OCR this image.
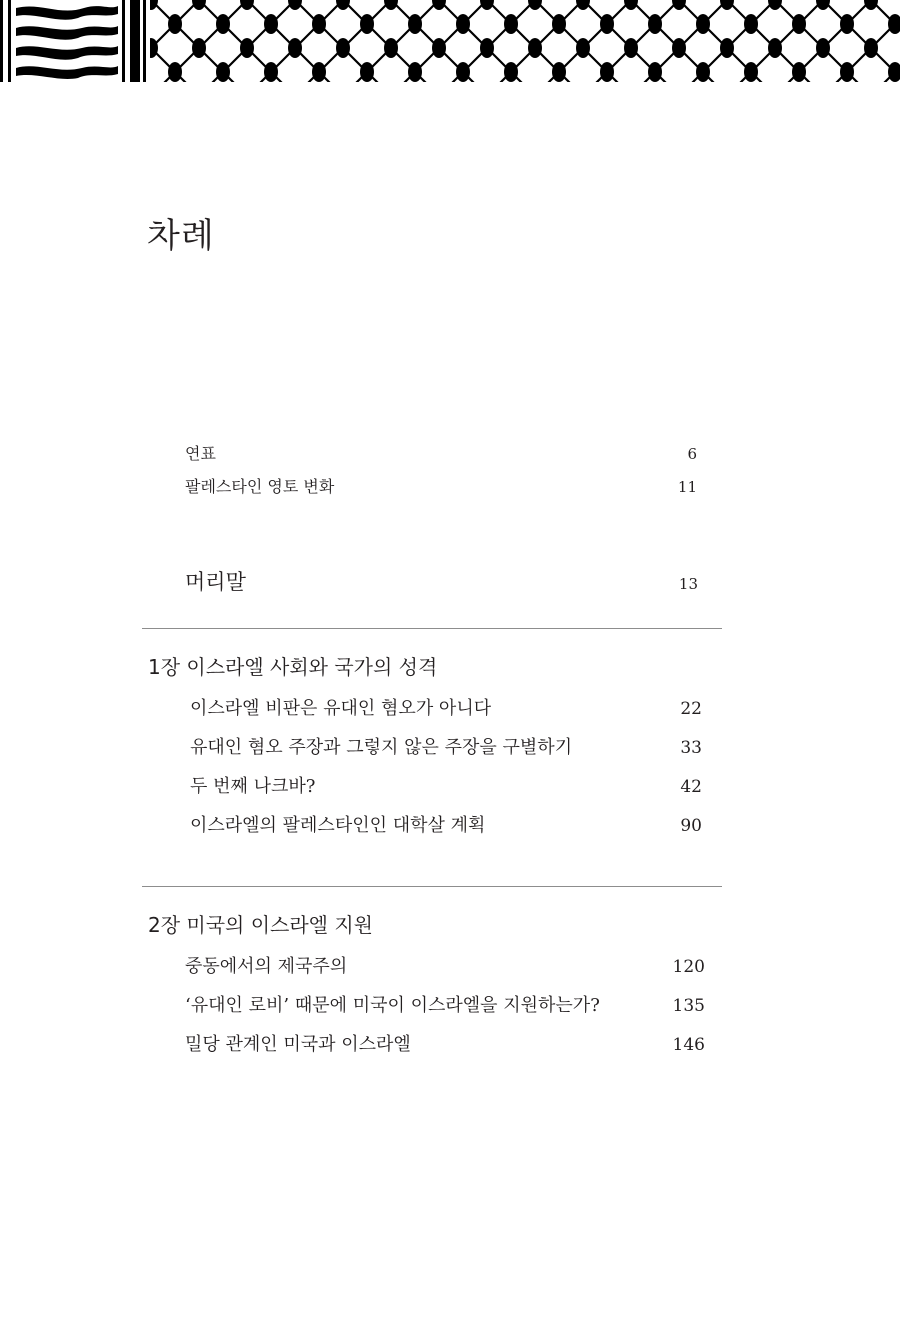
차례
연표	6
팔레스타인 영토 변화	11
머리말	13
1장 이스라엘 사회와 국가의 성격
이스라엘 비판은 유대인 혐오가 아니다	22
유대인 혐오 주장과 그렇지 않은 주장을 구별하기	33
두 번째 나크바?	42
이스라엘의 팔레스타인인 대학살 계획	90
2장 미국의 이스라엘 지원
중동에서의 제국주의	120
‘유대인 로비’ 때문에 미국이 이스라엘을 지원하는가?	135
밀당 관계인 미국과 이스라엘	146
